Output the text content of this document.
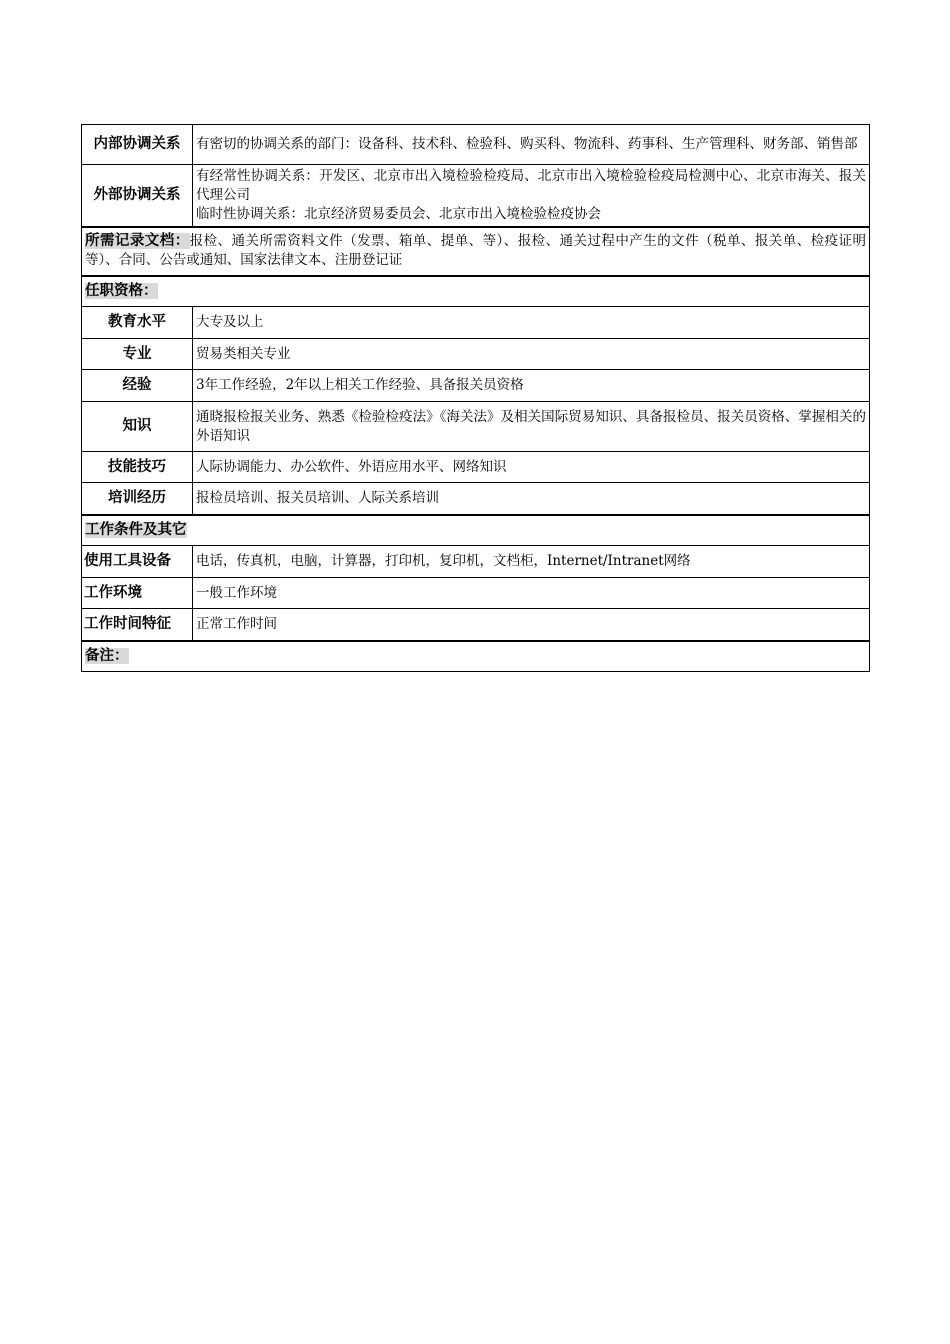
内部协调关系	有密切的协调关系的部门：设备科、技术科、检验科、购买科、物流科、药事科、生产管理科、财务部、销售部
外部协调关系	有经常性协调关系：开发区、北京市出入境检验检疫局、北京市出入境检验检疫局检测中心、北京市海关、报关代理公司
临时性协调关系：北京经济贸易委员会、北京市出入境检验检疫协会

所需记录文档：报检、通关所需资料文件（发票、箱单、提单、等）、报检、通关过程中产生的文件（税单、报关单、检疫证明等）、合同、公告或通知、国家法律文本、注册登记证	
任职资格：	
教育水平	大专及以上
专业	贸易类相关专业
经验	3年工作经验，2年以上相关工作经验、具备报关员资格
知识	通晓报检报关业务、熟悉《检验检疫法》《海关法》及相关国际贸易知识、具备报检员、报关员资格、掌握相关的外语知识
技能技巧	人际协调能力、办公软件、外语应用水平、网络知识
培训经历	报检员培训、报关员培训、人际关系培训
工作条件及其它	
使用工具设备	电话，传真机，电脑，计算器，打印机，复印机，文档柜，Internet/Intranet网络
工作环境	一般工作环境
工作时间特征	正常工作时间
备注：	
